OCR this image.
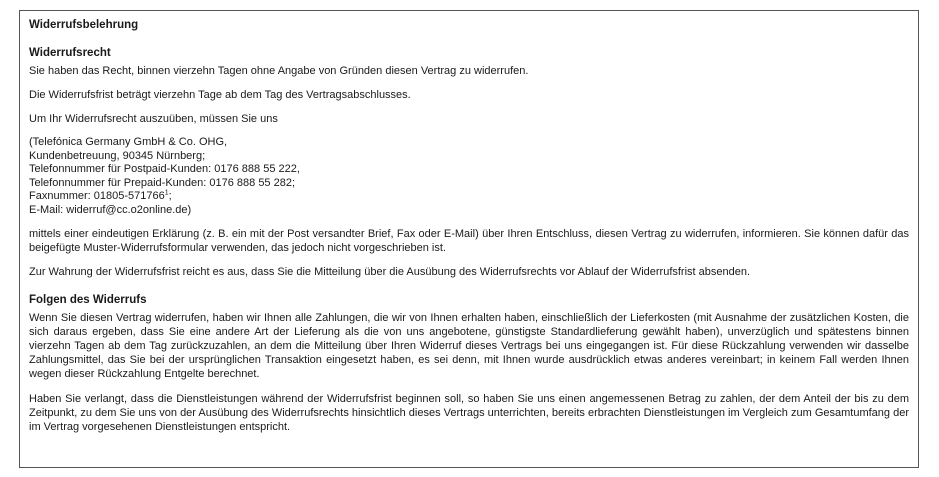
Widerrufsbelehrung
Widerrufsrecht
Sie haben das Recht, binnen vierzehn Tagen ohne Angabe von Gründen diesen Vertrag zu widerrufen.
Die Widerrufsfrist beträgt vierzehn Tage ab dem Tag des Vertragsabschlusses.
Um Ihr Widerrufsrecht auszuüben, müssen Sie uns
(Telefónica Germany GmbH & Co. OHG,
Kundenbetreuung, 90345 Nürnberg;
Telefonnummer für Postpaid-Kunden: 0176 888 55 222,
Telefonnummer für Prepaid-Kunden: 0176 888 55 282;
Faxnummer: 01805-571766$^1$;
E-Mail: widerruf@cc.o2online.de)
mittels einer eindeutigen Erklärung (z. B. ein mit der Post versandter Brief, Fax oder E-Mail) über Ihren Entschluss, diesen Vertrag zu widerrufen, informieren. Sie können dafür das beigefügte Muster-Widerrufsformular verwenden, das jedoch nicht vorgeschrieben ist.
Zur Wahrung der Widerrufsfrist reicht es aus, dass Sie die Mitteilung über die Ausübung des Widerrufsrechts vor Ablauf der Widerrufsfrist absenden.
Folgen des Widerrufs
Wenn Sie diesen Vertrag widerrufen, haben wir Ihnen alle Zahlungen, die wir von Ihnen erhalten haben, einschließlich der Lieferkosten (mit Ausnahme der zusätzlichen Kosten, die sich daraus ergeben, dass Sie eine andere Art der Lieferung als die von uns angebotene, günstigste Standardlieferung gewählt haben), unverzüglich und spätestens binnen vierzehn Tagen ab dem Tag zurückzuzahlen, an dem die Mitteilung über Ihren Widerruf dieses Vertrags bei uns eingegangen ist. Für diese Rückzahlung verwenden wir dasselbe Zahlungsmittel, das Sie bei der ursprünglichen Transaktion eingesetzt haben, es sei denn, mit Ihnen wurde ausdrücklich etwas anderes vereinbart; in keinem Fall werden Ihnen wegen dieser Rückzahlung Entgelte berechnet.
Haben Sie verlangt, dass die Dienstleistungen während der Widerrufsfrist beginnen soll, so haben Sie uns einen angemessenen Betrag zu zahlen, der dem Anteil der bis zu dem Zeitpunkt, zu dem Sie uns von der Ausübung des Widerrufsrechts hinsichtlich dieses Vertrags unterrichten, bereits erbrachten Dienstleistungen im Vergleich zum Gesamtumfang der im Vertrag vorgesehenen Dienstleistungen entspricht.
